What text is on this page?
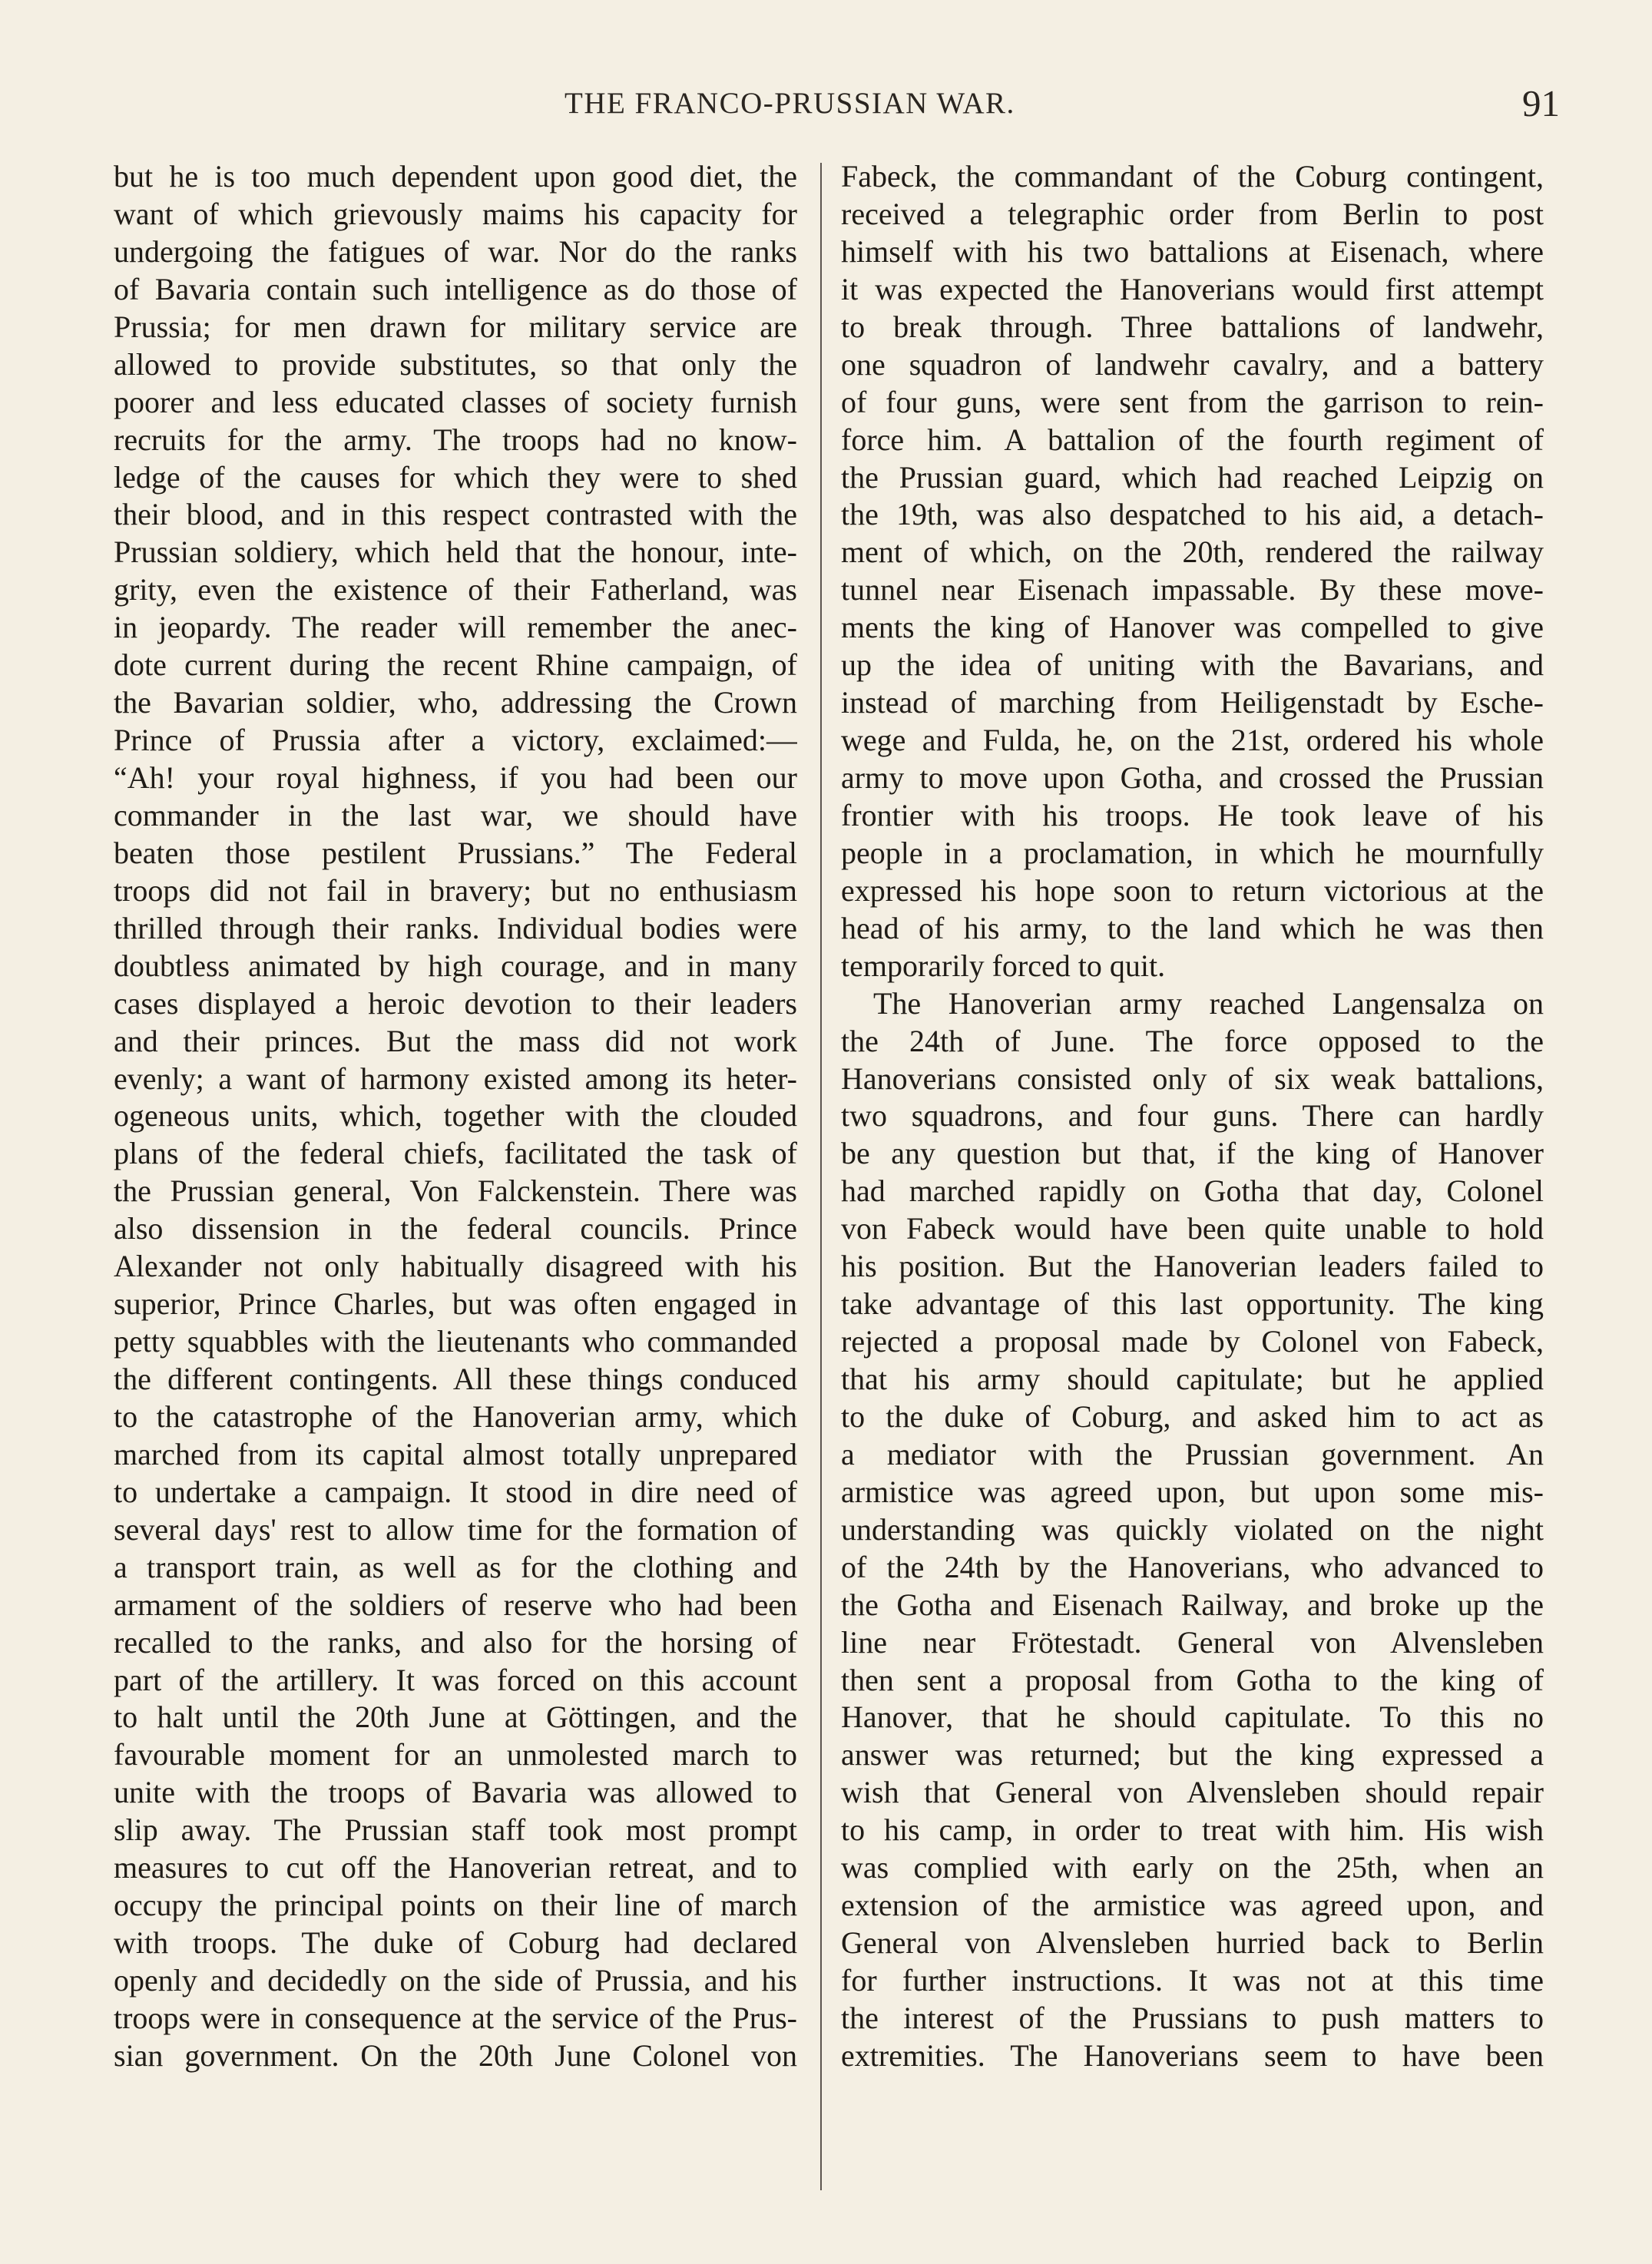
THE FRANCO-PRUSSIAN WAR.	91
but he is too much dependent upon good diet, the
want of which grievously maims his capacity for
undergoing the fatigues of war. Nor do the ranks
of Bavaria contain such intelligence as do those of
Prussia; for men drawn for military service are
allowed to provide substitutes, so that only the
poorer and less educated classes of society furnish
recruits for the army. The troops had no know-
ledge of the causes for which they were to shed
their blood, and in this respect contrasted with the
Prussian soldiery, which held that the honour, inte-
grity, even the existence of their Fatherland, was
in jeopardy. The reader will remember the anec-
dote current during the recent Rhine campaign, of
the Bavarian soldier, who, addressing the Crown
Prince of Prussia after a victory, exclaimed:—
“Ah! your royal highness, if you had been our
commander in the last war, we should have
beaten those pestilent Prussians.” The Federal
troops did not fail in bravery; but no enthusiasm
thrilled through their ranks. Individual bodies were
doubtless animated by high courage, and in many
cases displayed a heroic devotion to their leaders
and their princes. But the mass did not work
evenly; a want of harmony existed among its heter-
ogeneous units, which, together with the clouded
plans of the federal chiefs, facilitated the task of
the Prussian general, Von Falckenstein. There was
also dissension in the federal councils. Prince
Alexander not only habitually disagreed with his
superior, Prince Charles, but was often engaged in
petty squabbles with the lieutenants who commanded
the different contingents. All these things conduced
to the catastrophe of the Hanoverian army, which
marched from its capital almost totally unprepared
to undertake a campaign. It stood in dire need of
several days' rest to allow time for the formation of
a transport train, as well as for the clothing and
armament of the soldiers of reserve who had been
recalled to the ranks, and also for the horsing of
part of the artillery. It was forced on this account
to halt until the 20th June at Göttingen, and the
favourable moment for an unmolested march to
unite with the troops of Bavaria was allowed to
slip away. The Prussian staff took most prompt
measures to cut off the Hanoverian retreat, and to
occupy the principal points on their line of march
with troops. The duke of Coburg had declared
openly and decidedly on the side of Prussia, and his
troops were in consequence at the service of the Prus-
sian government. On the 20th June Colonel von
Fabeck, the commandant of the Coburg contingent,
received a telegraphic order from Berlin to post
himself with his two battalions at Eisenach, where
it was expected the Hanoverians would first attempt
to break through. Three battalions of landwehr,
one squadron of landwehr cavalry, and a battery
of four guns, were sent from the garrison to rein-
force him. A battalion of the fourth regiment of
the Prussian guard, which had reached Leipzig on
the 19th, was also despatched to his aid, a detach-
ment of which, on the 20th, rendered the railway
tunnel near Eisenach impassable. By these move-
ments the king of Hanover was compelled to give
up the idea of uniting with the Bavarians, and
instead of marching from Heiligenstadt by Esche-
wege and Fulda, he, on the 21st, ordered his whole
army to move upon Gotha, and crossed the Prussian
frontier with his troops. He took leave of his
people in a proclamation, in which he mournfully
expressed his hope soon to return victorious at the
head of his army, to the land which he was then
temporarily forced to quit.
The Hanoverian army reached Langensalza on
the 24th of June. The force opposed to the
Hanoverians consisted only of six weak battalions,
two squadrons, and four guns. There can hardly
be any question but that, if the king of Hanover
had marched rapidly on Gotha that day, Colonel
von Fabeck would have been quite unable to hold
his position. But the Hanoverian leaders failed to
take advantage of this last opportunity. The king
rejected a proposal made by Colonel von Fabeck,
that his army should capitulate; but he applied
to the duke of Coburg, and asked him to act as
a mediator with the Prussian government. An
armistice was agreed upon, but upon some mis-
understanding was quickly violated on the night
of the 24th by the Hanoverians, who advanced to
the Gotha and Eisenach Railway, and broke up the
line near Frötestadt. General von Alvensleben
then sent a proposal from Gotha to the king of
Hanover, that he should capitulate. To this no
answer was returned; but the king expressed a
wish that General von Alvensleben should repair
to his camp, in order to treat with him. His wish
was complied with early on the 25th, when an
extension of the armistice was agreed upon, and
General von Alvensleben hurried back to Berlin
for further instructions. It was not at this time
the interest of the Prussians to push matters to
extremities. The Hanoverians seem to have been
